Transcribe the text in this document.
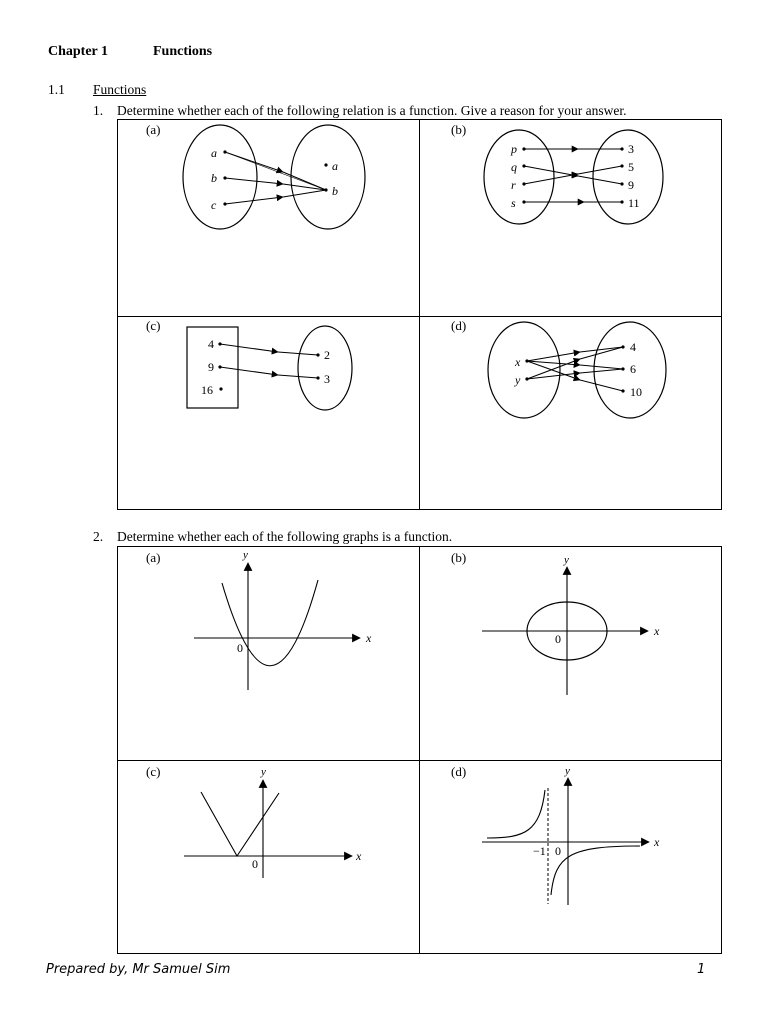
Chapter 1	Functions
1.1 Functions
1. Determine whether each of the following relation is a function. Give a reason for your answer.
(a)	(b)
(c)	(d)
a
b
c
a
b
p
q
r
s
3
5
9
11
4
9
16
2
3
x
y
4
6
10
2. Determine whether each of the following graphs is a function.
(a)	(b)
(c)	(d)
x
y
0
x
y
0
x
y
0
x
y
−1 0
Prepared by, Mr Samuel Sim	1
